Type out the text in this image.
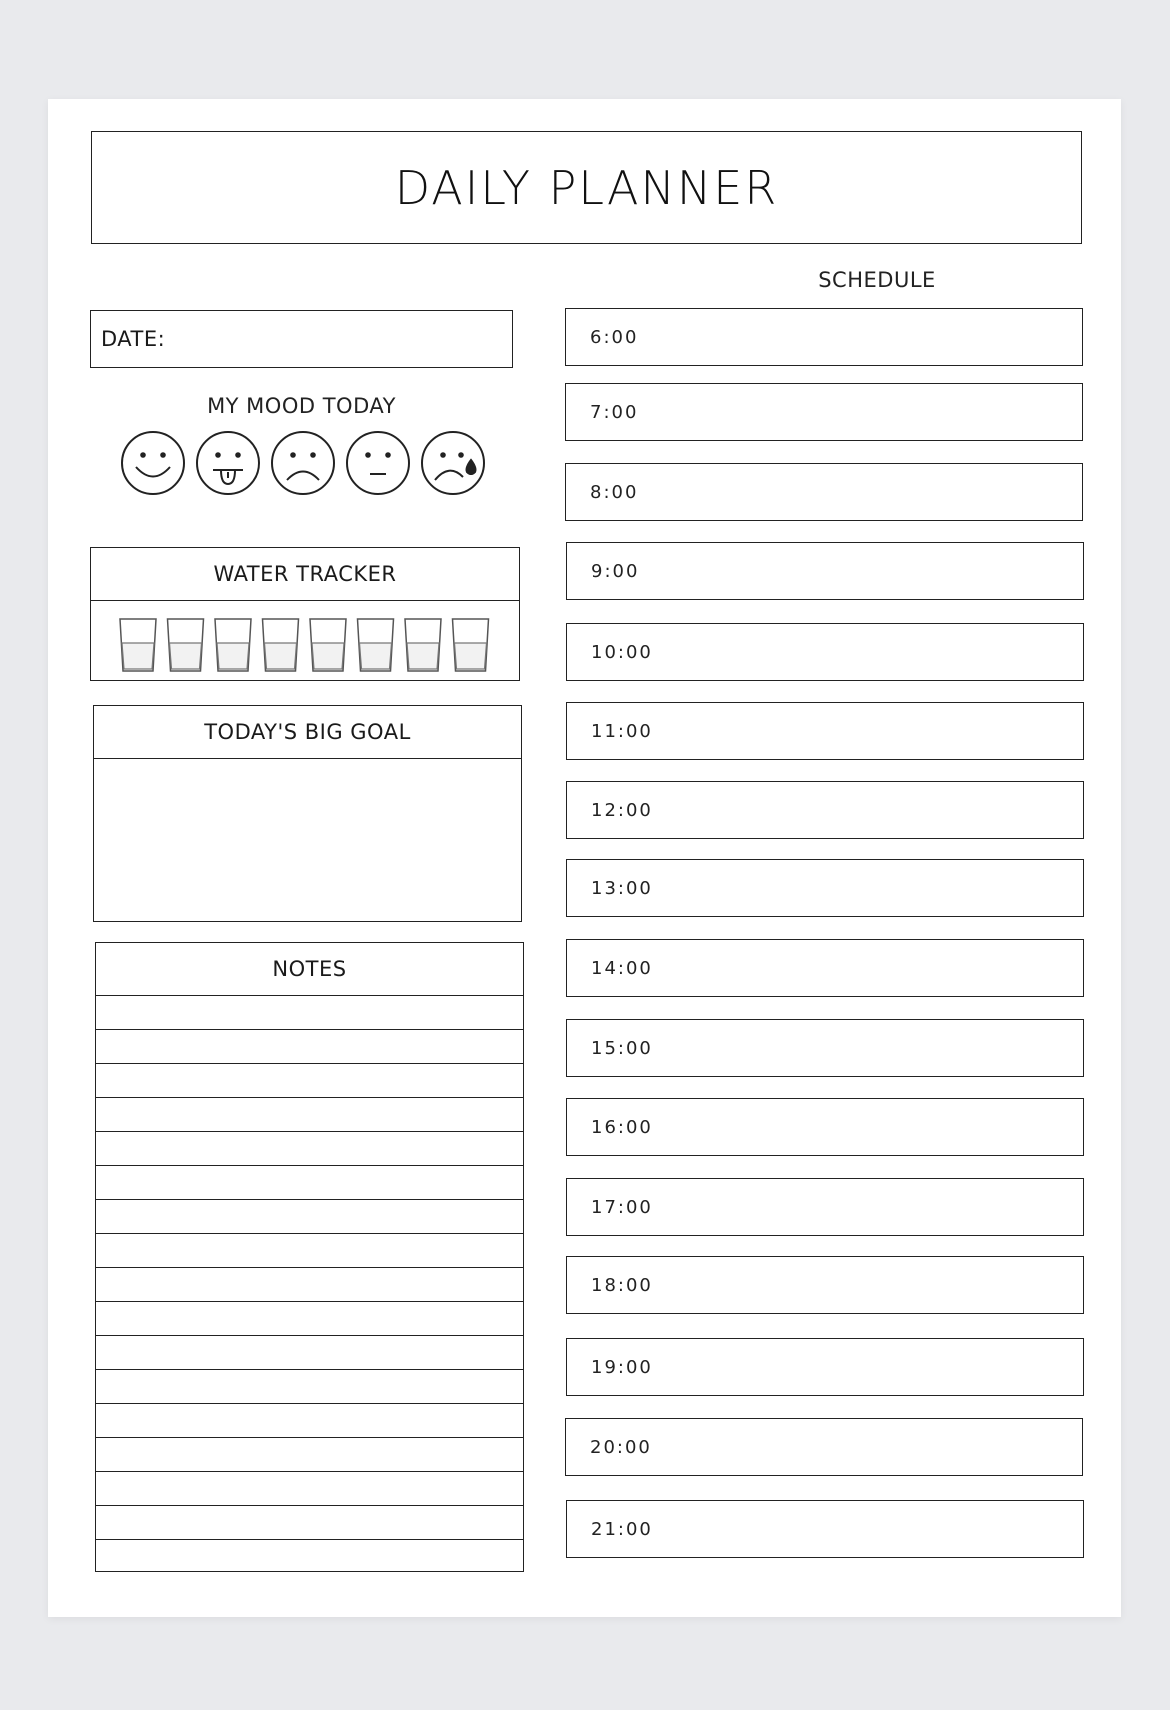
DAILY PLANNER
DATE:
MY MOOD TODAY
WATER TRACKER
TODAY'S BIG GOAL
NOTES
SCHEDULE
6:00
7:00
8:00
9:00
10:00
11:00
12:00
13:00
14:00
15:00
16:00
17:00
18:00
19:00
20:00
21:00
